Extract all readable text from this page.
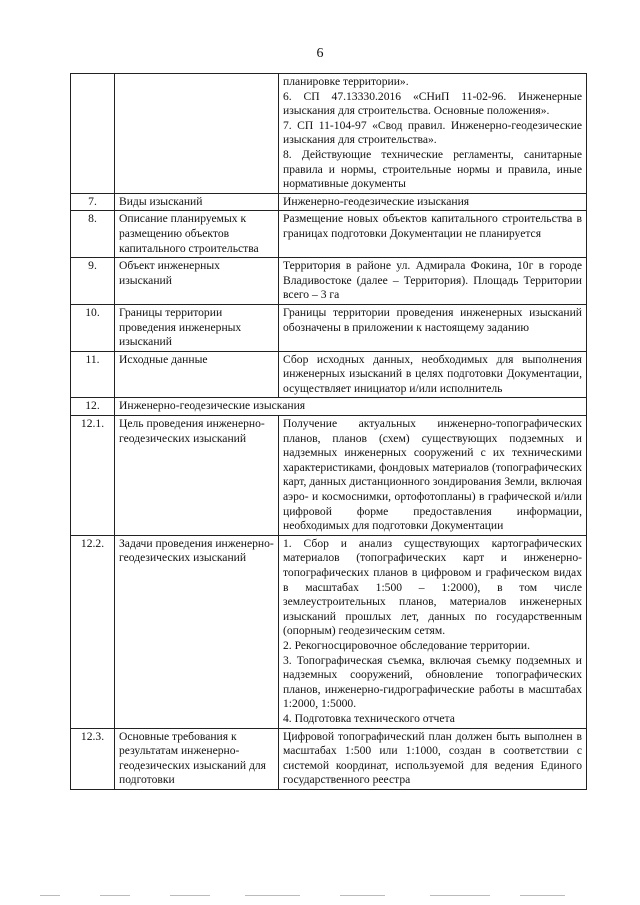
6

		планировке территории».

6. СП 47.13330.2016 «СНиП 11-02-96. Инженерные изыскания для строительства. Основные положения».

7. СП 11-104-97 «Свод правил. Инженерно-геодезические изыскания для строительства».

8. Действующие технические регламенты, санитарные правила и нормы, строительные нормы и правила, иные нормативные документы

7.	Виды изысканий	Инженерно-геодезические изыскания

8.	Описание планируемых к размещению объектов капитального строительства	Размещение новых объектов капитального строительства в границах подготовки Документации не планируется

9.	Объект инженерных изысканий	Территория в районе ул. Адмирала Фокина, 10г в городе Владивостоке (далее – Территория). Площадь Территории всего – 3 га

10.	Границы территории проведения инженерных изысканий	Границы территории проведения инженерных изысканий обозначены в приложении к настоящему заданию

11.	Исходные данные	Сбор исходных данных, необходимых для выполнения инженерных изысканий в целях подготовки Документации, осуществляет инициатор и/или исполнитель

12.	Инженерно-геодезические изыскания	
12.1.	Цель проведения инженерно-геодезических изысканий	Получение актуальных инженерно-топографических планов, планов (схем) существующих подземных и надземных инженерных сооружений с их техническими характеристиками, фондовых материалов (топографических карт, данных дистанционного зондирования Земли, включая аэро- и космоснимки, ортофотопланы) в графической и/или цифровой форме предоставления информации, необходимых для подготовки Документации

12.2.	Задачи проведения инженерно-геодезических изысканий	1. Сбор и анализ существующих картографических материалов (топографических карт и инженерно-топографических планов в цифровом и графическом видах в масштабах 1:500 – 1:2000), в том числе землеустроительных планов, материалов инженерных изысканий прошлых лет, данных по государственным (опорным) геодезическим сетям.

2. Рекогносцировочное обследование территории.

3. Топографическая съемка, включая съемку подземных и надземных сооружений, обновление топографических планов, инженерно-гидрографические работы в масштабах 1:2000, 1:5000.

4. Подготовка технического отчета

12.3.	Основные требования к результатам инженерно-геодезических изысканий для подготовки	Цифровой топографический план должен быть выполнен в масштабах 1:500 или 1:1000, создан в соответствии с системой координат, используемой для ведения Единого государственного реестра
